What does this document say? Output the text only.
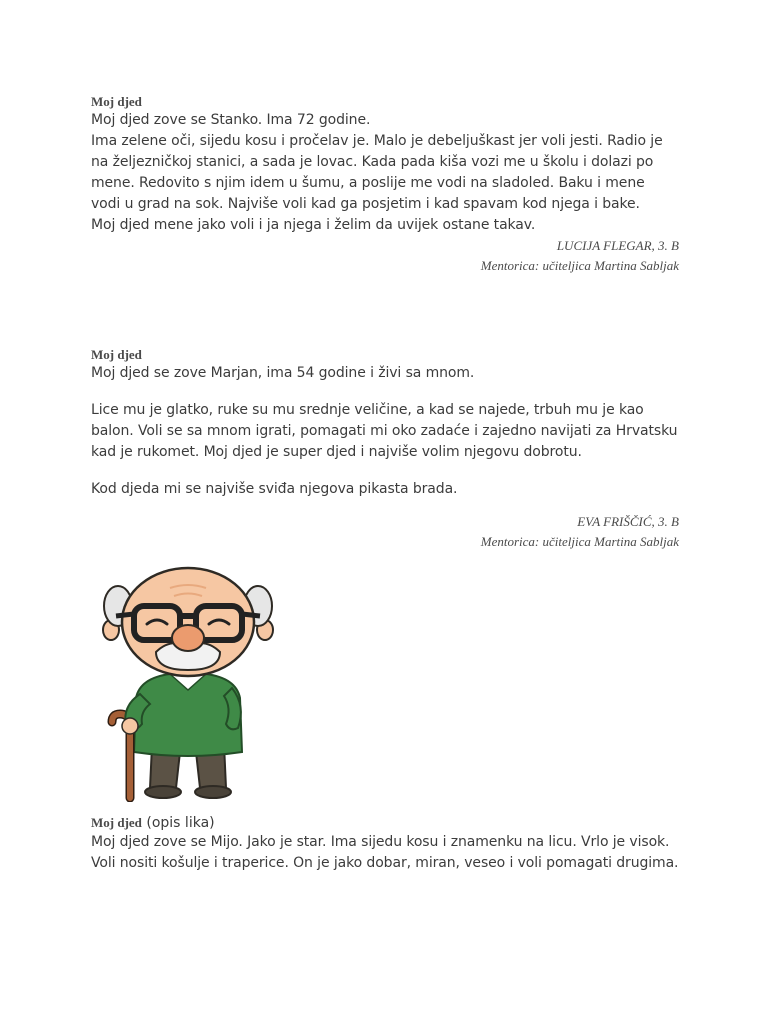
Moj djed
Moj djed zove se Stanko. Ima 72 godine.
Ima zelene oči, sijedu kosu i pročelav je. Malo je debeljuškast jer voli jesti. Radio je
na željezničkoj stanici, a sada je lovac. Kada pada kiša vozi me u školu i dolazi po
mene. Redovito s njim idem u šumu, a poslije me vodi na sladoled. Baku i mene
vodi u grad na sok. Najviše voli kad ga posjetim i kad spavam kod njega i bake.
Moj djed mene jako voli i ja njega i želim da uvijek ostane takav.
LUCIJA FLEGAR, 3. B
Mentorica: učiteljica Martina Sabljak
Moj djed

Moj djed se zove Marjan, ima 54 godine i živi sa mnom.

Lice mu je glatko, ruke su mu srednje veličine, a kad se najede, trbuh mu je kao balon. Voli se sa mnom igrati, pomagati mi oko zadaće i zajedno navijati za Hrvatsku kad je rukomet. Moj djed je super djed i najviše volim njegovu dobrotu.

Kod djeda mi se najviše sviđa njegova pikasta brada.

EVA FRIŠČIĆ, 3. B
Mentorica: učiteljica Martina Sabljak
Moj djed (opis lika)
Moj djed zove se Mijo. Jako je star. Ima sijedu kosu i znamenku na licu. Vrlo je visok. Voli nositi košulje i traperice. On je jako dobar, miran, veseo i voli pomagati drugima.
